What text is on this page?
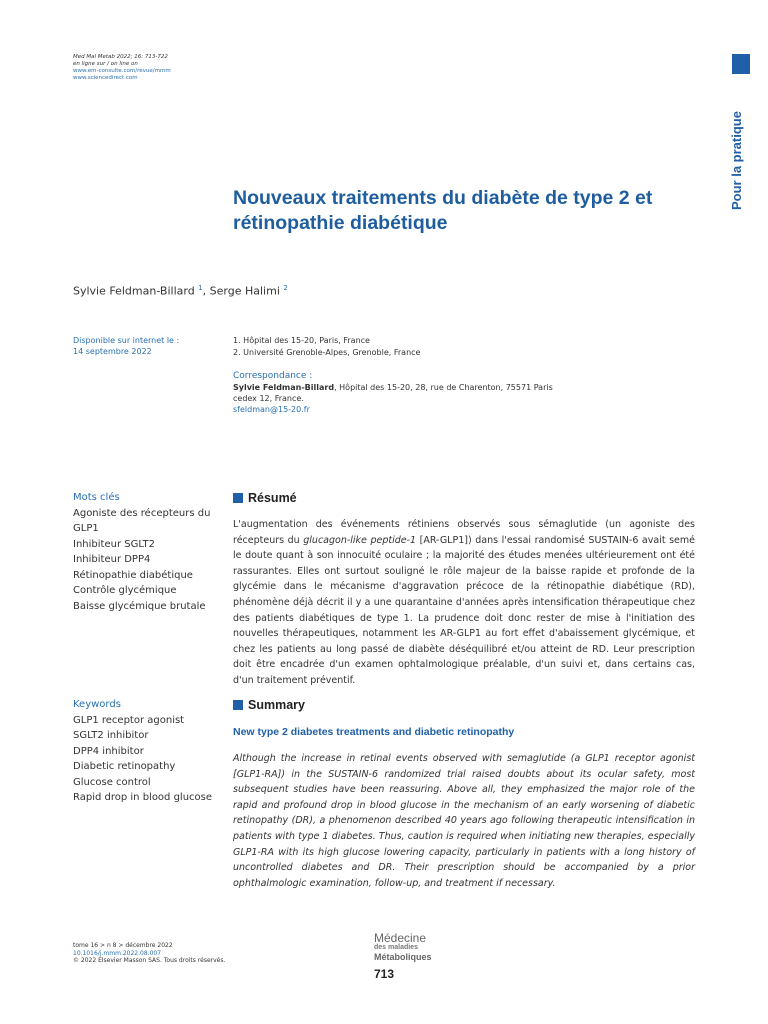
Med Mal Metab 2022; 16: 713-722
en ligne sur / on line on
www.em-consulte.com/revue/mmm
www.sciencedirect.com
Pour la pratique
Nouveaux traitements du diabète de type 2 et rétinopathie diabétique
Sylvie Feldman-Billard $^1$, Serge Halimi $^2$
Disponible sur internet le :
14 septembre 2022
1. Hôpital des 15-20, Paris, France
2. Université Grenoble-Alpes, Grenoble, France
Correspondance :
Sylvie Feldman-Billard, Hôpital des 15-20, 28, rue de Charenton, 75571 Paris cedex 12, France.
sfeldman@15-20.fr
Mots clés
Agoniste des récepteurs du GLP1
Inhibiteur SGLT2
Inhibiteur DPP4
Rétinopathie diabétique
Contrôle glycémique
Baisse glycémique brutale
Keywords
GLP1 receptor agonist
SGLT2 inhibitor
DPP4 inhibitor
Diabetic retinopathy
Glucose control
Rapid drop in blood glucose
Résumé
L'augmentation des événements rétiniens observés sous sémaglutide (un agoniste des récepteurs du glucagon-like peptide-1 [AR-GLP1]) dans l'essai randomisé SUSTAIN-6 avait semé le doute quant à son innocuité oculaire ; la majorité des études menées ultérieurement ont été rassurantes. Elles ont surtout souligné le rôle majeur de la baisse rapide et profonde de la glycémie dans le mécanisme d'aggravation précoce de la rétinopathie diabétique (RD), phénomène déjà décrit il y a une quarantaine d'années après intensification thérapeutique chez des patients diabétiques de type 1. La prudence doit donc rester de mise à l'initiation des nouvelles thérapeutiques, notamment les AR-GLP1 au fort effet d'abaissement glycémique, et chez les patients au long passé de diabète déséquilibré et/ou atteint de RD. Leur prescription doit être encadrée d'un examen ophtalmologique préalable, d'un suivi et, dans certains cas, d'un traitement préventif.
Summary
New type 2 diabetes treatments and diabetic retinopathy
Although the increase in retinal events observed with semaglutide (a GLP1 receptor agonist [GLP1-RA]) in the SUSTAIN-6 randomized trial raised doubts about its ocular safety, most subsequent studies have been reassuring. Above all, they emphasized the major role of the rapid and profound drop in blood glucose in the mechanism of an early worsening of diabetic retinopathy (DR), a phenomenon described 40 years ago following therapeutic intensification in patients with type 1 diabetes. Thus, caution is required when initiating new therapies, especially GLP1-RA with its high glucose lowering capacity, particularly in patients with a long history of uncontrolled diabetes and DR. Their prescription should be accompanied by a prior ophthalmologic examination, follow-up, and treatment if necessary.
tome 16 > n 8 > décembre 2022
10.1016/j.mmm.2022.08.007
© 2022 Elsevier Masson SAS. Tous droits réservés.
Médecine
des maladies
Métaboliques
713
